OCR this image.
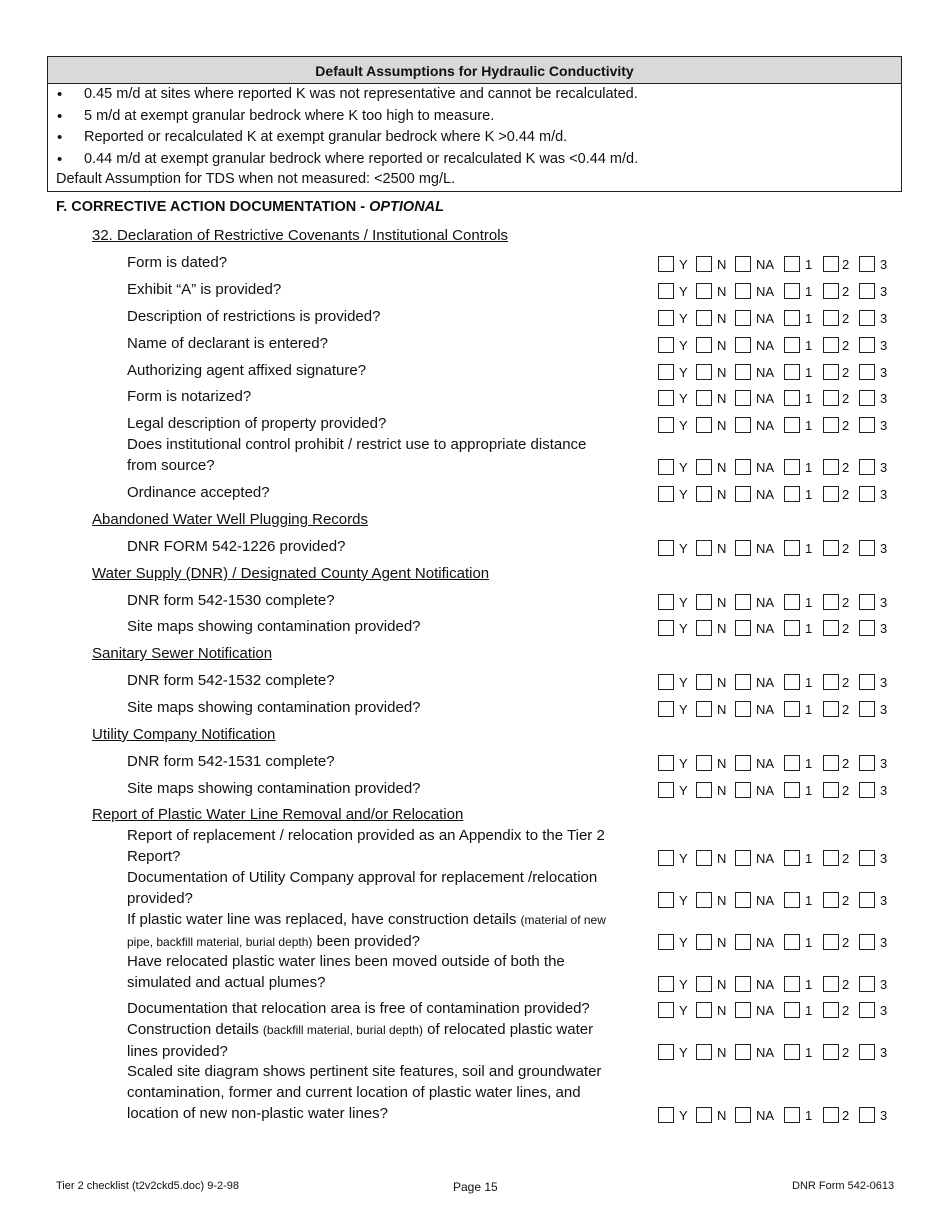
Default Assumptions for Hydraulic Conductivity
• 0.45 m/d at sites where reported K was not representative and cannot be recalculated.
• 5 m/d at exempt granular bedrock where K too high to measure.
• Reported or recalculated K at exempt granular bedrock where K >0.44 m/d.
• 0.44 m/d at exempt granular bedrock where reported or recalculated K was <0.44 m/d.
Default Assumption for TDS when not measured: <2500 mg/L.
F. CORRECTIVE ACTION DOCUMENTATION - OPTIONAL
32. Declaration of Restrictive Covenants / Institutional Controls
Abandoned Water Well Plugging Records
Water Supply (DNR) / Designated County Agent Notification
Sanitary Sewer Notification
Utility Company Notification
Report of Plastic Water Line Removal and/or Relocation
Form is dated?	Y N NA 1 2 3
Exhibit “A” is provided?	Y N NA 1 2 3
Description of restrictions is provided?	Y N NA 1 2 3
Name of declarant is entered?	Y N NA 1 2 3
Authorizing agent affixed signature?	Y N NA 1 2 3
Form is notarized?	Y N NA 1 2 3
Legal description of property provided?	Y N NA 1 2 3
Does institutional control prohibit / restrict use to appropriate distance
from source?	Y N NA 1 2 3
Ordinance accepted?	Y N NA 1 2 3
DNR FORM 542-1226 provided?	Y N NA 1 2 3
DNR form 542-1530 complete?	Y N NA 1 2 3
Site maps showing contamination provided?	Y N NA 1 2 3
DNR form 542-1532 complete?	Y N NA 1 2 3
Site maps showing contamination provided?	Y N NA 1 2 3
DNR form 542-1531 complete?	Y N NA 1 2 3
Site maps showing contamination provided?	Y N NA 1 2 3
Report of replacement / relocation provided as an Appendix to the Tier 2
Report?	Y N NA 1 2 3
Documentation of Utility Company approval for replacement /relocation
provided?	Y N NA 1 2 3
If plastic water line was replaced, have construction details (material of new
pipe, backfill material, burial depth) been provided?	Y N NA 1 2 3
Have relocated plastic water lines been moved outside of both the
simulated and actual plumes?	Y N NA 1 2 3
Documentation that relocation area is free of contamination provided?	Y N NA 1 2 3
Construction details (backfill material, burial depth) of relocated plastic water
lines provided?	Y N NA 1 2 3
Scaled site diagram shows pertinent site features, soil and groundwater
contamination, former and current location of plastic water lines, and
location of new non-plastic water lines?	Y N NA 1 2 3
Tier 2 checklist (t2v2ckd5.doc) 9-2-98	Page 15	DNR Form 542-0613
